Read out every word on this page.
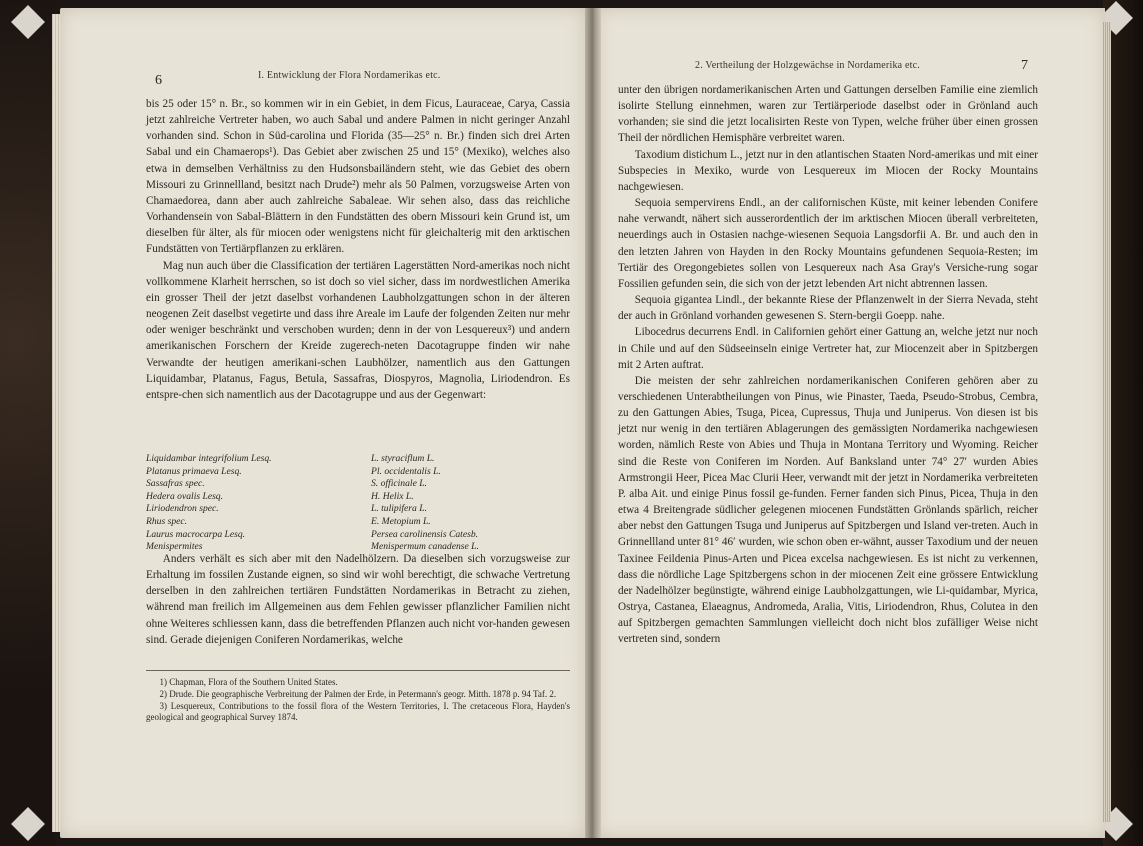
6	I. Entwicklung der Flora Nordamerikas etc.

bis 25 oder 15° n. Br., so kommen wir in ein Gebiet, in dem Ficus, Lauraceae, Carya, Cassia jetzt zahlreiche Vertreter haben, wo auch Sabal und andere Palmen in nicht geringer Anzahl vorhanden sind. Schon in Süd-carolina und Florida (35—25° n. Br.) finden sich drei Arten Sabal und ein Chamaerops¹). Das Gebiet aber zwischen 25 und 15° (Mexiko), welches also etwa in demselben Verhältniss zu den Hudsonsbailändern steht, wie das Gebiet des obern Missouri zu Grinnellland, besitzt nach Drude²) mehr als 50 Palmen, vorzugsweise Arten von Chamaedorea, dann aber auch zahlreiche Sabaleae. Wir sehen also, dass das reichliche Vorhandensein von Sabal-Blättern in den Fundstätten des obern Missouri kein Grund ist, um dieselben für älter, als für miocen oder wenigstens nicht für gleichalterig mit den arktischen Fundstätten von Tertiärpflanzen zu erklären.

Mag nun auch über die Classification der tertiären Lagerstätten Nord-amerikas noch nicht vollkommene Klarheit herrschen, so ist doch so viel sicher, dass im nordwestlichen Amerika ein grosser Theil der jetzt daselbst vorhandenen Laubholzgattungen schon in der älteren neogenen Zeit daselbst vegetirte und dass ihre Areale im Laufe der folgenden Zeiten nur mehr oder weniger beschränkt und verschoben wurden; denn in der von Lesquereux³) und andern amerikanischen Forschern der Kreide zugerech-neten Dacotagruppe finden wir nahe Verwandte der heutigen amerikani-schen Laubhölzer, namentlich aus den Gattungen Liquidambar, Platanus, Fagus, Betula, Sassafras, Diospyros, Magnolia, Liriodendron. Es entspre-chen sich namentlich aus der Dacotagruppe und aus der Gegenwart:

Liquidambar integrifolium Lesq.	L. styraciflum L.
Platanus primaeva Lesq.	Pl. occidentalis L.
Sassafras spec.	S. officinale L.
Hedera ovalis Lesq.	H. Helix L.
Liriodendron spec.	L. tulipifera L.
Rhus spec.	E. Metopium L.
Laurus macrocarpa Lesq.	Persea carolinensis Catesb.
Menispermites	Menispermum canadense L.

Anders verhält es sich aber mit den Nadelhölzern. Da dieselben sich vorzugsweise zur Erhaltung im fossilen Zustande eignen, so sind wir wohl berechtigt, die schwache Vertretung derselben in den zahlreichen tertiären Fundstätten Nordamerikas in Betracht zu ziehen, während man freilich im Allgemeinen aus dem Fehlen gewisser pflanzlicher Familien nicht ohne Weiteres schliessen kann, dass die betreffenden Pflanzen auch nicht vor-handen gewesen sind. Gerade diejenigen Coniferen Nordamerikas, welche

1) Chapman, Flora of the Southern United States.
2) Drude. Die geographische Verbreitung der Palmen der Erde, in Petermann's geogr. Mitth. 1878 p. 94 Taf. 2.
3) Lesquereux, Contributions to the fossil flora of the Western Territories, I. The cretaceous Flora, Hayden's geological and geographical Survey 1874.
2. Vertheilung der Holzgewächse in Nordamerika etc.	7

unter den übrigen nordamerikanischen Arten und Gattungen derselben Familie eine ziemlich isolirte Stellung einnehmen, waren zur Tertiärperiode daselbst oder in Grönland auch vorhanden; sie sind die jetzt localisirten Reste von Typen, welche früher über einen grossen Theil der nördlichen Hemisphäre verbreitet waren.

Taxodium distichum L., jetzt nur in den atlantischen Staaten Nord-amerikas und mit einer Subspecies in Mexiko, wurde von Lesquereux im Miocen der Rocky Mountains nachgewiesen.

Sequoia sempervirens Endl., an der californischen Küste, mit keiner lebenden Conifere nahe verwandt, nähert sich ausserordentlich der im arktischen Miocen überall verbreiteten, neuerdings auch in Ostasien nachge-wiesenen Sequoia Langsdorfii A. Br. und auch den in den letzten Jahren von Hayden in den Rocky Mountains gefundenen Sequoia-Resten; im Tertiär des Oregongebietes sollen von Lesquereux nach Asa Gray's Versiche-rung sogar Fossilien gefunden sein, die sich von der jetzt lebenden Art nicht abtrennen lassen.

Sequoia gigantea Lindl., der bekannte Riese der Pflanzenwelt in der Sierra Nevada, steht der auch in Grönland vorhanden gewesenen S. Stern-bergii Goepp. nahe.

Libocedrus decurrens Endl. in Californien gehört einer Gattung an, welche jetzt nur noch in Chile und auf den Südseeinseln einige Vertreter hat, zur Miocenzeit aber in Spitzbergen mit 2 Arten auftrat.

Die meisten der sehr zahlreichen nordamerikanischen Coniferen gehören aber zu verschiedenen Unterabtheilungen von Pinus, wie Pinaster, Taeda, Pseudo-Strobus, Cembra, zu den Gattungen Abies, Tsuga, Picea, Cupressus, Thuja und Juniperus. Von diesen ist bis jetzt nur wenig in den tertiären Ablagerungen des gemässigten Nordamerika nachgewiesen worden, nämlich Reste von Abies und Thuja in Montana Territory und Wyoming. Reicher sind die Reste von Coniferen im Norden. Auf Banksland unter 74° 27′ wurden Abies Armstrongii Heer, Picea Mac Clurii Heer, verwandt mit der jetzt in Nordamerika verbreiteten P. alba Ait. und einige Pinus fossil ge-funden. Ferner fanden sich Pinus, Picea, Thuja in den etwa 4 Breitengrade südlicher gelegenen miocenen Fundstätten Grönlands spärlich, reicher aber nebst den Gattungen Tsuga und Juniperus auf Spitzbergen und Island ver-treten. Auch in Grinnellland unter 81° 46′ wurden, wie schon oben er-wähnt, ausser Taxodium und der neuen Taxinee Feildenia Pinus-Arten und Picea excelsa nachgewiesen. Es ist nicht zu verkennen, dass die nördliche Lage Spitzbergens schon in der miocenen Zeit eine grössere Entwicklung der Nadelhölzer begünstigte, während einige Laubholzgattungen, wie Li-quidambar, Myrica, Ostrya, Castanea, Elaeagnus, Andromeda, Aralia, Vitis, Liriodendron, Rhus, Colutea in den auf Spitzbergen gemachten Sammlungen vielleicht doch nicht blos zufälliger Weise nicht vertreten sind, sondern
